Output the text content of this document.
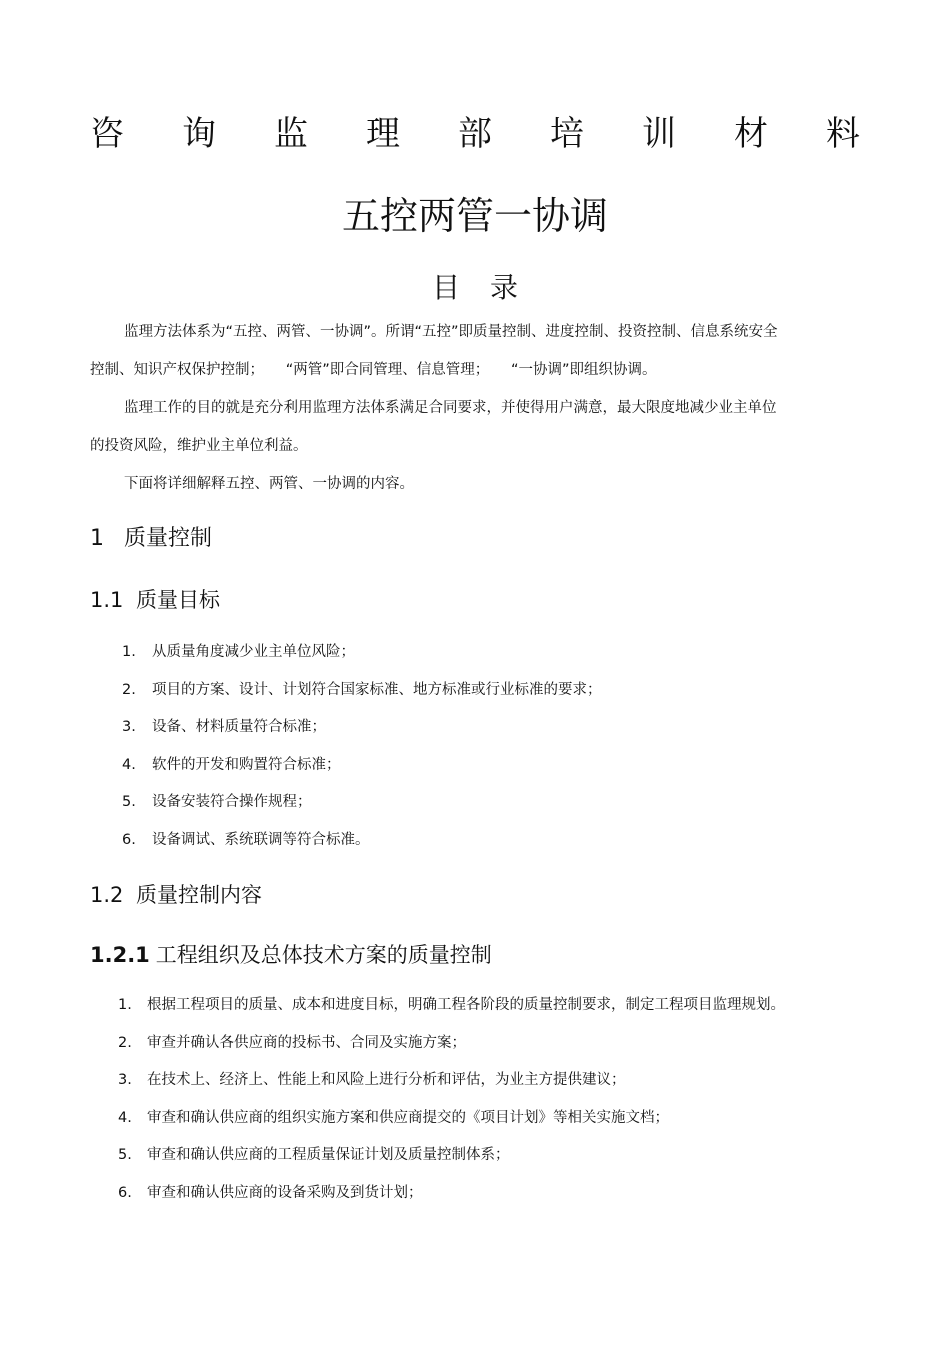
咨 询 监 理 部 培 训 材 料
五控两管一协调
目录
监理方法体系为“五控、两管、一协调”。所谓“五控”即质量控制、进度控制、投资控制、信息系统安全控制、知识产权保护控制；　　“两管”即合同管理、信息管理；　　“一协调”即组织协调。
监理工作的目的就是充分利用监理方法体系满足合同要求，并使得用户满意，最大限度地减少业主单位的投资风险，维护业主单位利益。
下面将详细解释五控、两管、一协调的内容。
1 质量控制
1.1 质量目标
1. 从质量角度减少业主单位风险；
2. 项目的方案、设计、计划符合国家标准、地方标准或行业标准的要求；
3. 设备、材料质量符合标准；
4. 软件的开发和购置符合标准；
5. 设备安装符合操作规程；
6. 设备调试、系统联调等符合标准。
1.2 质量控制内容
1.2.1 工程组织及总体技术方案的质量控制
1. 根据工程项目的质量、成本和进度目标，明确工程各阶段的质量控制要求，制定工程项目监理规划。
2. 审查并确认各供应商的投标书、合同及实施方案；
3. 在技术上、经济上、性能上和风险上进行分析和评估，为业主方提供建议；
4. 审查和确认供应商的组织实施方案和供应商提交的《项目计划》等相关实施文档；
5. 审查和确认供应商的工程质量保证计划及质量控制体系；
6. 审查和确认供应商的设备采购及到货计划；
